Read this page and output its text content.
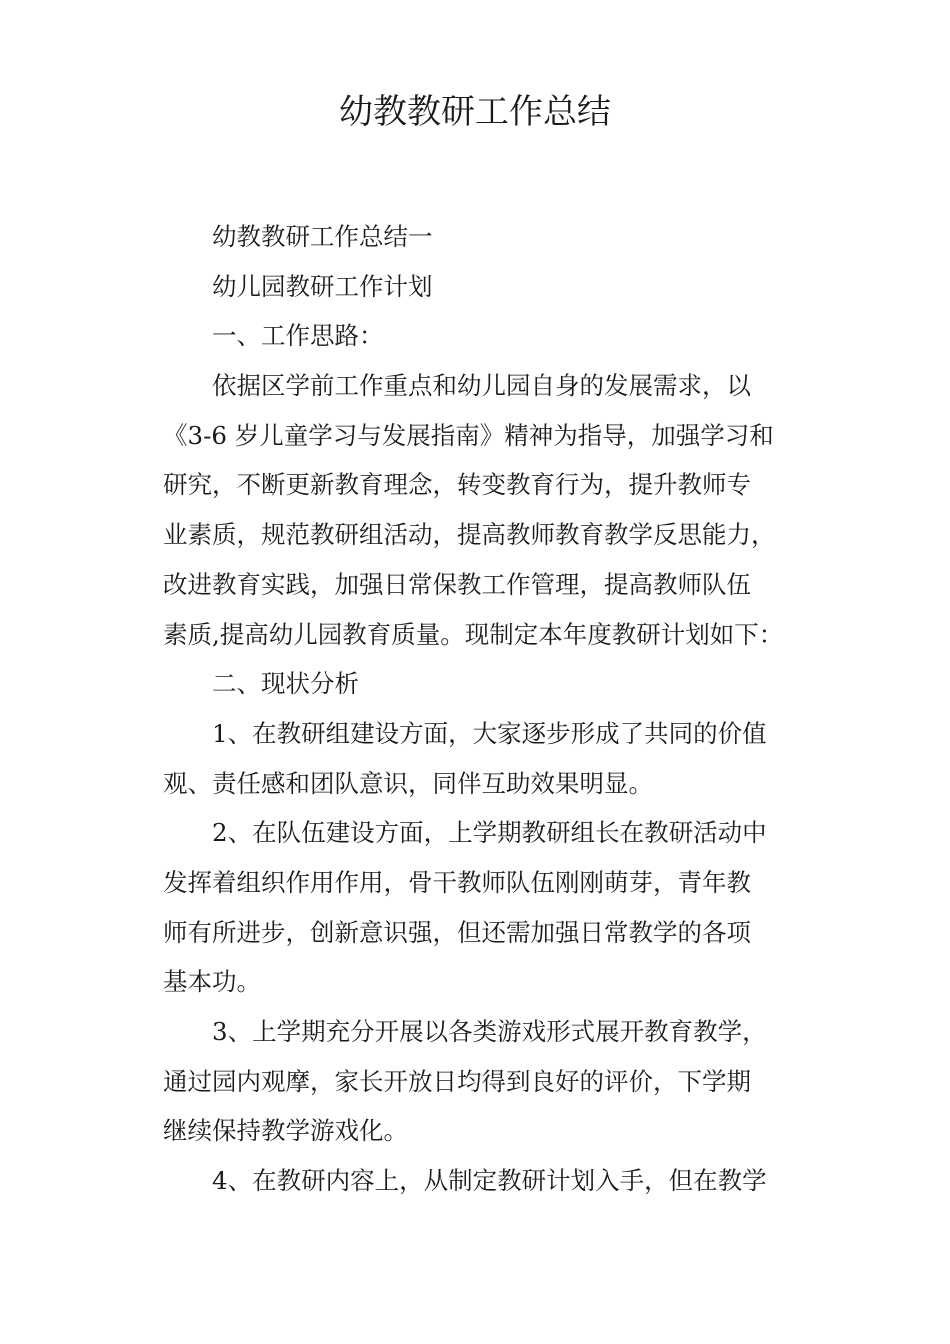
幼教教研工作总结
幼教教研工作总结一
幼儿园教研工作计划
一、工作思路：
依据区学前工作重点和幼儿园自身的发展需求，以
《3-6 岁儿童学习与发展指南》精神为指导，加强学习和
研究，不断更新教育理念，转变教育行为，提升教师专
业素质，规范教研组活动，提高教师教育教学反思能力，
改进教育实践，加强日常保教工作管理，提高教师队伍
素质,提高幼儿园教育质量。现制定本年度教研计划如下：
二、现状分析
1、在教研组建设方面，大家逐步形成了共同的价值
观、责任感和团队意识，同伴互助效果明显。
2、在队伍建设方面，上学期教研组长在教研活动中
发挥着组织作用作用，骨干教师队伍刚刚萌芽，青年教
师有所进步，创新意识强，但还需加强日常教学的各项
基本功。
3、上学期充分开展以各类游戏形式展开教育教学，
通过园内观摩，家长开放日均得到良好的评价，下学期
继续保持教学游戏化。
4、在教研内容上，从制定教研计划入手，但在教学
